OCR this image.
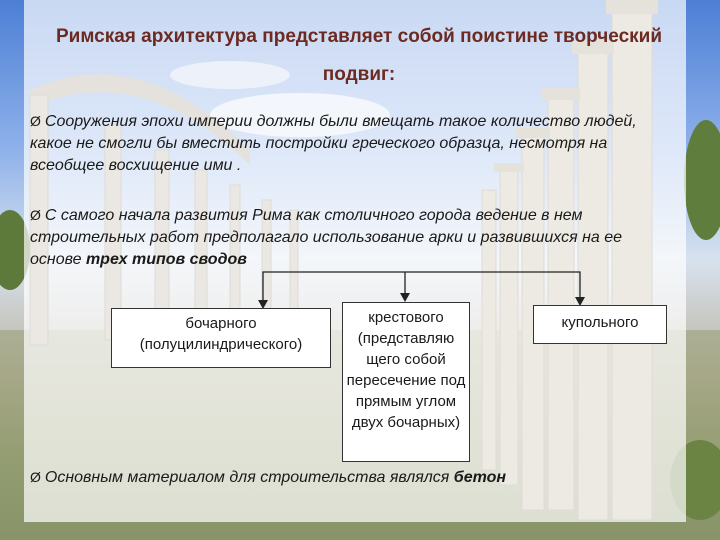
Римская архитектура представляет собой поистине творческий подвиг:
Ø Сооружения эпохи империи должны были вмещать такое количество людей, какое не смогли бы вместить постройки греческого образца, несмотря на всеобщее восхищение ими .
Ø С самого начала развития Рима как столичного города ведение в нем строительных работ предполагало использование арки и развившихся на ее основе трех типов сводов
бочарного
(полуцилиндрического)
крестового
(представляю щего собой пересечение под прямым углом двух бочарных)
купольного
Ø Основным материалом для строительства являлся бетон
